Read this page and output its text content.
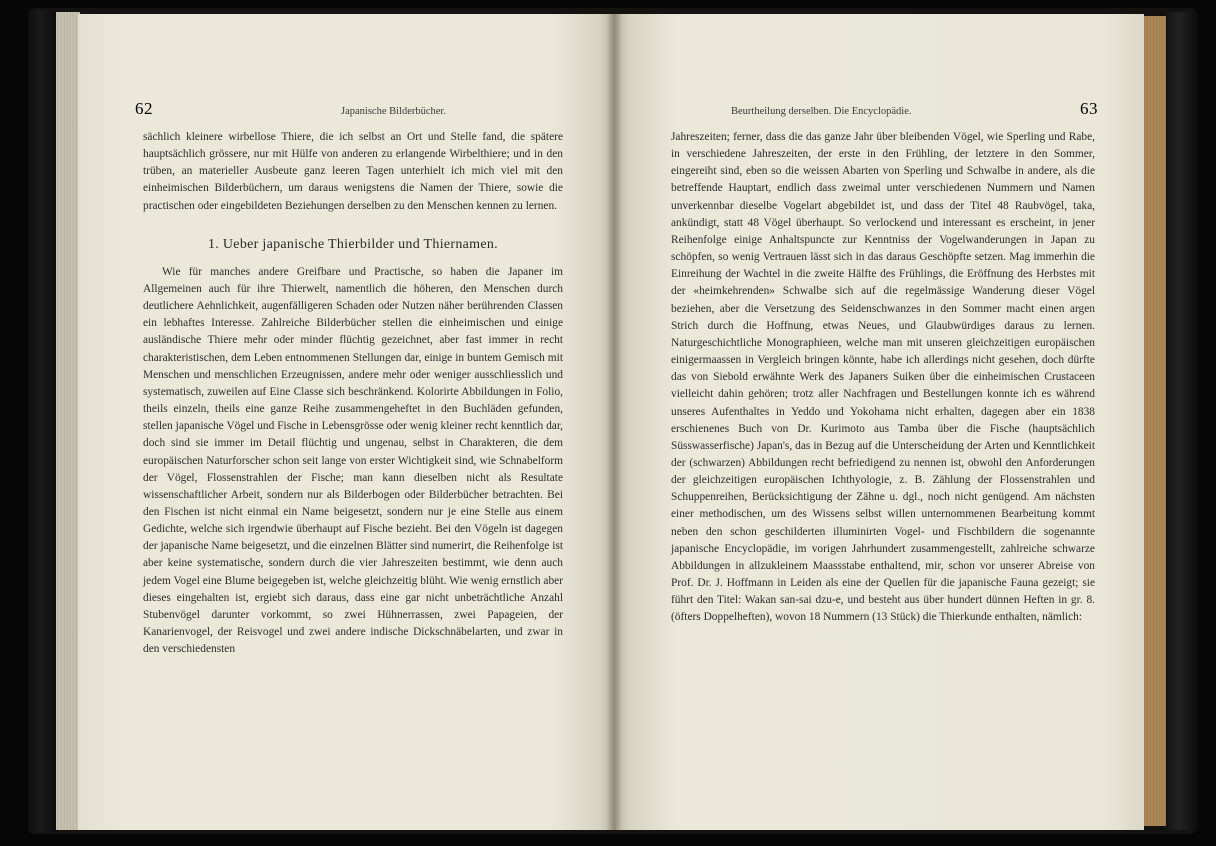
62	Japanische Bilderbücher.

sächlich kleinere wirbellose Thiere, die ich selbst an Ort und Stelle fand, die spätere hauptsächlich grössere, nur mit Hülfe von anderen zu erlangende Wirbelthiere; und in den trüben, an materieller Ausbeute ganz leeren Tagen unterhielt ich mich viel mit den einheimischen Bilderbüchern, um daraus wenigstens die Namen der Thiere, sowie die practischen oder eingebildeten Beziehungen derselben zu den Menschen kennen zu lernen.

1. Ueber japanische Thierbilder und Thiernamen.

Wie für manches andere Greifbare und Practische, so haben die Japaner im Allgemeinen auch für ihre Thierwelt, namentlich die höheren, den Menschen durch deutlichere Aehnlichkeit, augenfälligeren Schaden oder Nutzen näher berührenden Classen ein lebhaftes Interesse. Zahlreiche Bilderbücher stellen die einheimischen und einige ausländische Thiere mehr oder minder flüchtig gezeichnet, aber fast immer in recht charakteristischen, dem Leben entnommenen Stellungen dar, einige in buntem Gemisch mit Menschen und menschlichen Erzeugnissen, andere mehr oder weniger ausschliesslich und systematisch, zuweilen auf Eine Classe sich beschränkend. Kolorirte Abbildungen in Folio, theils einzeln, theils eine ganze Reihe zusammengeheftet in den Buchläden gefunden, stellen japanische Vögel und Fische in Lebensgrösse oder wenig kleiner recht kenntlich dar, doch sind sie immer im Detail flüchtig und ungenau, selbst in Charakteren, die dem europäischen Naturforscher schon seit lange von erster Wichtigkeit sind, wie Schnabelform der Vögel, Flossenstrahlen der Fische; man kann dieselben nicht als Resultate wissenschaftlicher Arbeit, sondern nur als Bilderbogen oder Bilderbücher betrachten. Bei den Fischen ist nicht einmal ein Name beigesetzt, sondern nur je eine Stelle aus einem Gedichte, welche sich irgendwie überhaupt auf Fische bezieht. Bei den Vögeln ist dagegen der japanische Name beigesetzt, und die einzelnen Blätter sind numerirt, die Reihenfolge ist aber keine systematische, sondern durch die vier Jahreszeiten bestimmt, wie denn auch jedem Vogel eine Blume beigegeben ist, welche gleichzeitig blüht. Wie wenig ernstlich aber dieses eingehalten ist, ergiebt sich daraus, dass eine gar nicht unbeträchtliche Anzahl Stubenvögel darunter vorkommt, so zwei Hühnerrassen, zwei Papageien, der Kanarienvogel, der Reisvogel und zwei andere indische Dickschnäbelarten, und zwar in den verschiedensten

Beurtheilung derselben. Die Encyclopädie.	63

Jahreszeiten; ferner, dass die das ganze Jahr über bleibenden Vögel, wie Sperling und Rabe, in verschiedene Jahreszeiten, der erste in den Frühling, der letztere in den Sommer, eingereiht sind, eben so die weissen Abarten von Sperling und Schwalbe in andere, als die betreffende Hauptart, endlich dass zweimal unter verschiedenen Nummern und Namen unverkennbar dieselbe Vogelart abgebildet ist, und dass der Titel 48 Raubvögel, taka, ankündigt, statt 48 Vögel überhaupt. So verlockend und interessant es erscheint, in jener Reihenfolge einige Anhaltspuncte zur Kenntniss der Vogelwanderungen in Japan zu schöpfen, so wenig Vertrauen lässt sich in das daraus Geschöpfte setzen. Mag immerhin die Einreihung der Wachtel in die zweite Hälfte des Frühlings, die Eröffnung des Herbstes mit der «heimkehrenden» Schwalbe sich auf die regelmässige Wanderung dieser Vögel beziehen, aber die Versetzung des Seidenschwanzes in den Sommer macht einen argen Strich durch die Hoffnung, etwas Neues, und Glaubwürdiges daraus zu lernen. Naturgeschichtliche Monographieen, welche man mit unseren gleichzeitigen europäischen einigermaassen in Vergleich bringen könnte, habe ich allerdings nicht gesehen, doch dürfte das von Siebold erwähnte Werk des Japaners Suiken über die einheimischen Crustaceen vielleicht dahin gehören; trotz aller Nachfragen und Bestellungen konnte ich es während unseres Aufenthaltes in Yeddo und Yokohama nicht erhalten, dagegen aber ein 1838 erschienenes Buch von Dr. Kurimoto aus Tamba über die Fische (hauptsächlich Süsswasserfische) Japan's, das in Bezug auf die Unterscheidung der Arten und Kenntlichkeit der (schwarzen) Abbildungen recht befriedigend zu nennen ist, obwohl den Anforderungen der gleichzeitigen europäischen Ichthyologie, z. B. Zählung der Flossenstrahlen und Schuppenreihen, Berücksichtigung der Zähne u. dgl., noch nicht genügend. Am nächsten einer methodischen, um des Wissens selbst willen unternommenen Bearbeitung kommt neben den schon geschilderten illuminirten Vogel- und Fischbildern die sogenannte japanische Encyclopädie, im vorigen Jahrhundert zusammengestellt, zahlreiche schwarze Abbildungen in allzukleinem Maassstabe enthaltend, mir, schon vor unserer Abreise von Prof. Dr. J. Hoffmann in Leiden als eine der Quellen für die japanische Fauna gezeigt; sie führt den Titel: Wakan san-sai dzu-e, und besteht aus über hundert dünnen Heften in gr. 8. (öfters Doppelheften), wovon 18 Nummern (13 Stück) die Thierkunde enthalten, nämlich:
